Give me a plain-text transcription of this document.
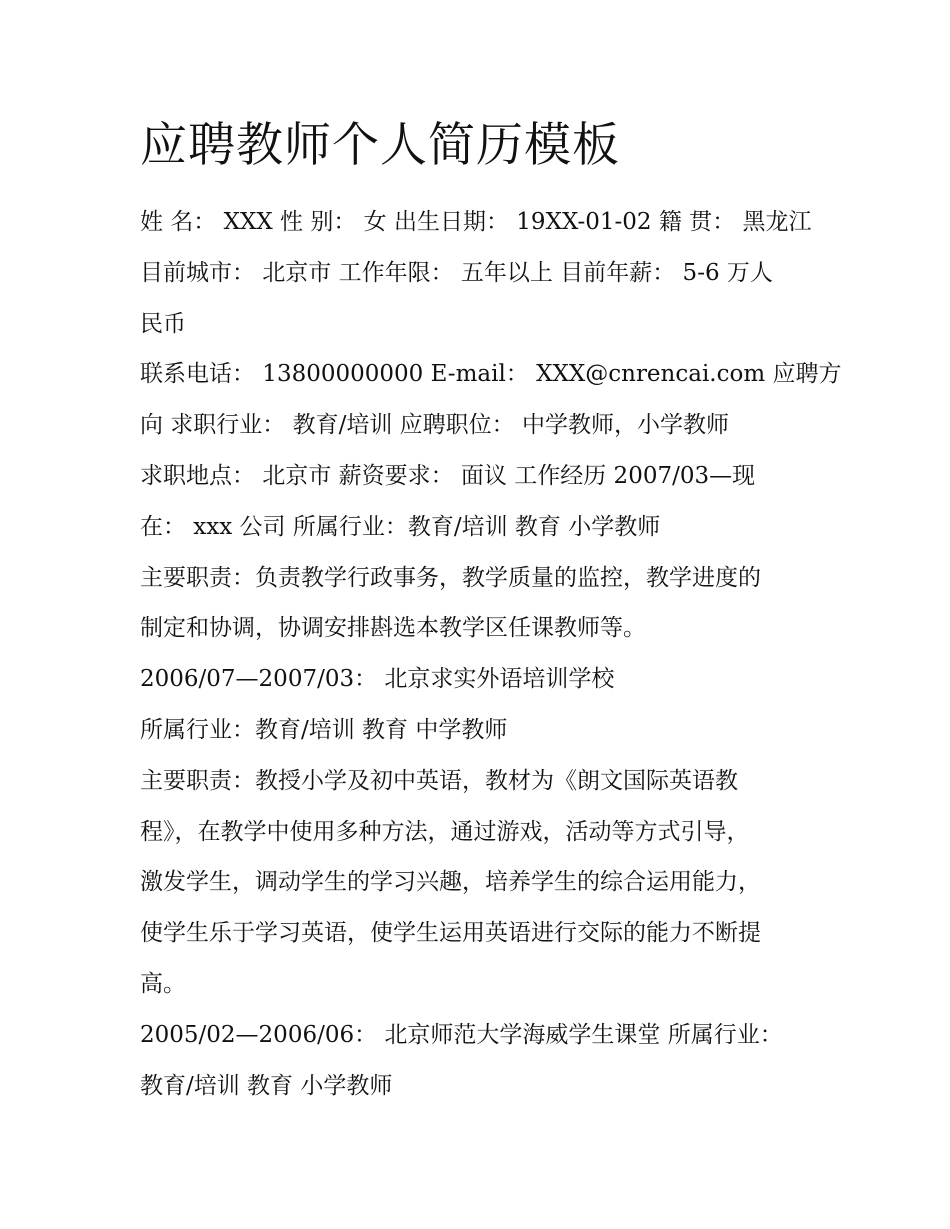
应聘教师个人简历模板
姓 名： XXX 性 别： 女 出生日期： 19XX-01-02 籍 贯： 黑龙江
目前城市： 北京市 工作年限： 五年以上 目前年薪： 5-6 万人
民币
联系电话： 13800000000 E-mail： XXX@cnrencai.com 应聘方
向 求职行业： 教育/培训 应聘职位： 中学教师，小学教师
求职地点： 北京市 薪资要求： 面议 工作经历 2007/03—现
在： xxx 公司 所属行业：教育/培训 教育 小学教师
主要职责：负责教学行政事务，教学质量的监控，教学进度的
制定和协调，协调安排斟选本教学区任课教师等。
2006/07—2007/03： 北京求实外语培训学校
所属行业：教育/培训 教育 中学教师
主要职责：教授小学及初中英语，教材为《朗文国际英语教
程》，在教学中使用多种方法，通过游戏，活动等方式引导，
激发学生，调动学生的学习兴趣，培养学生的综合运用能力，
使学生乐于学习英语，使学生运用英语进行交际的能力不断提
高。
2005/02—2006/06： 北京师范大学海威学生课堂 所属行业：
教育/培训 教育 小学教师
